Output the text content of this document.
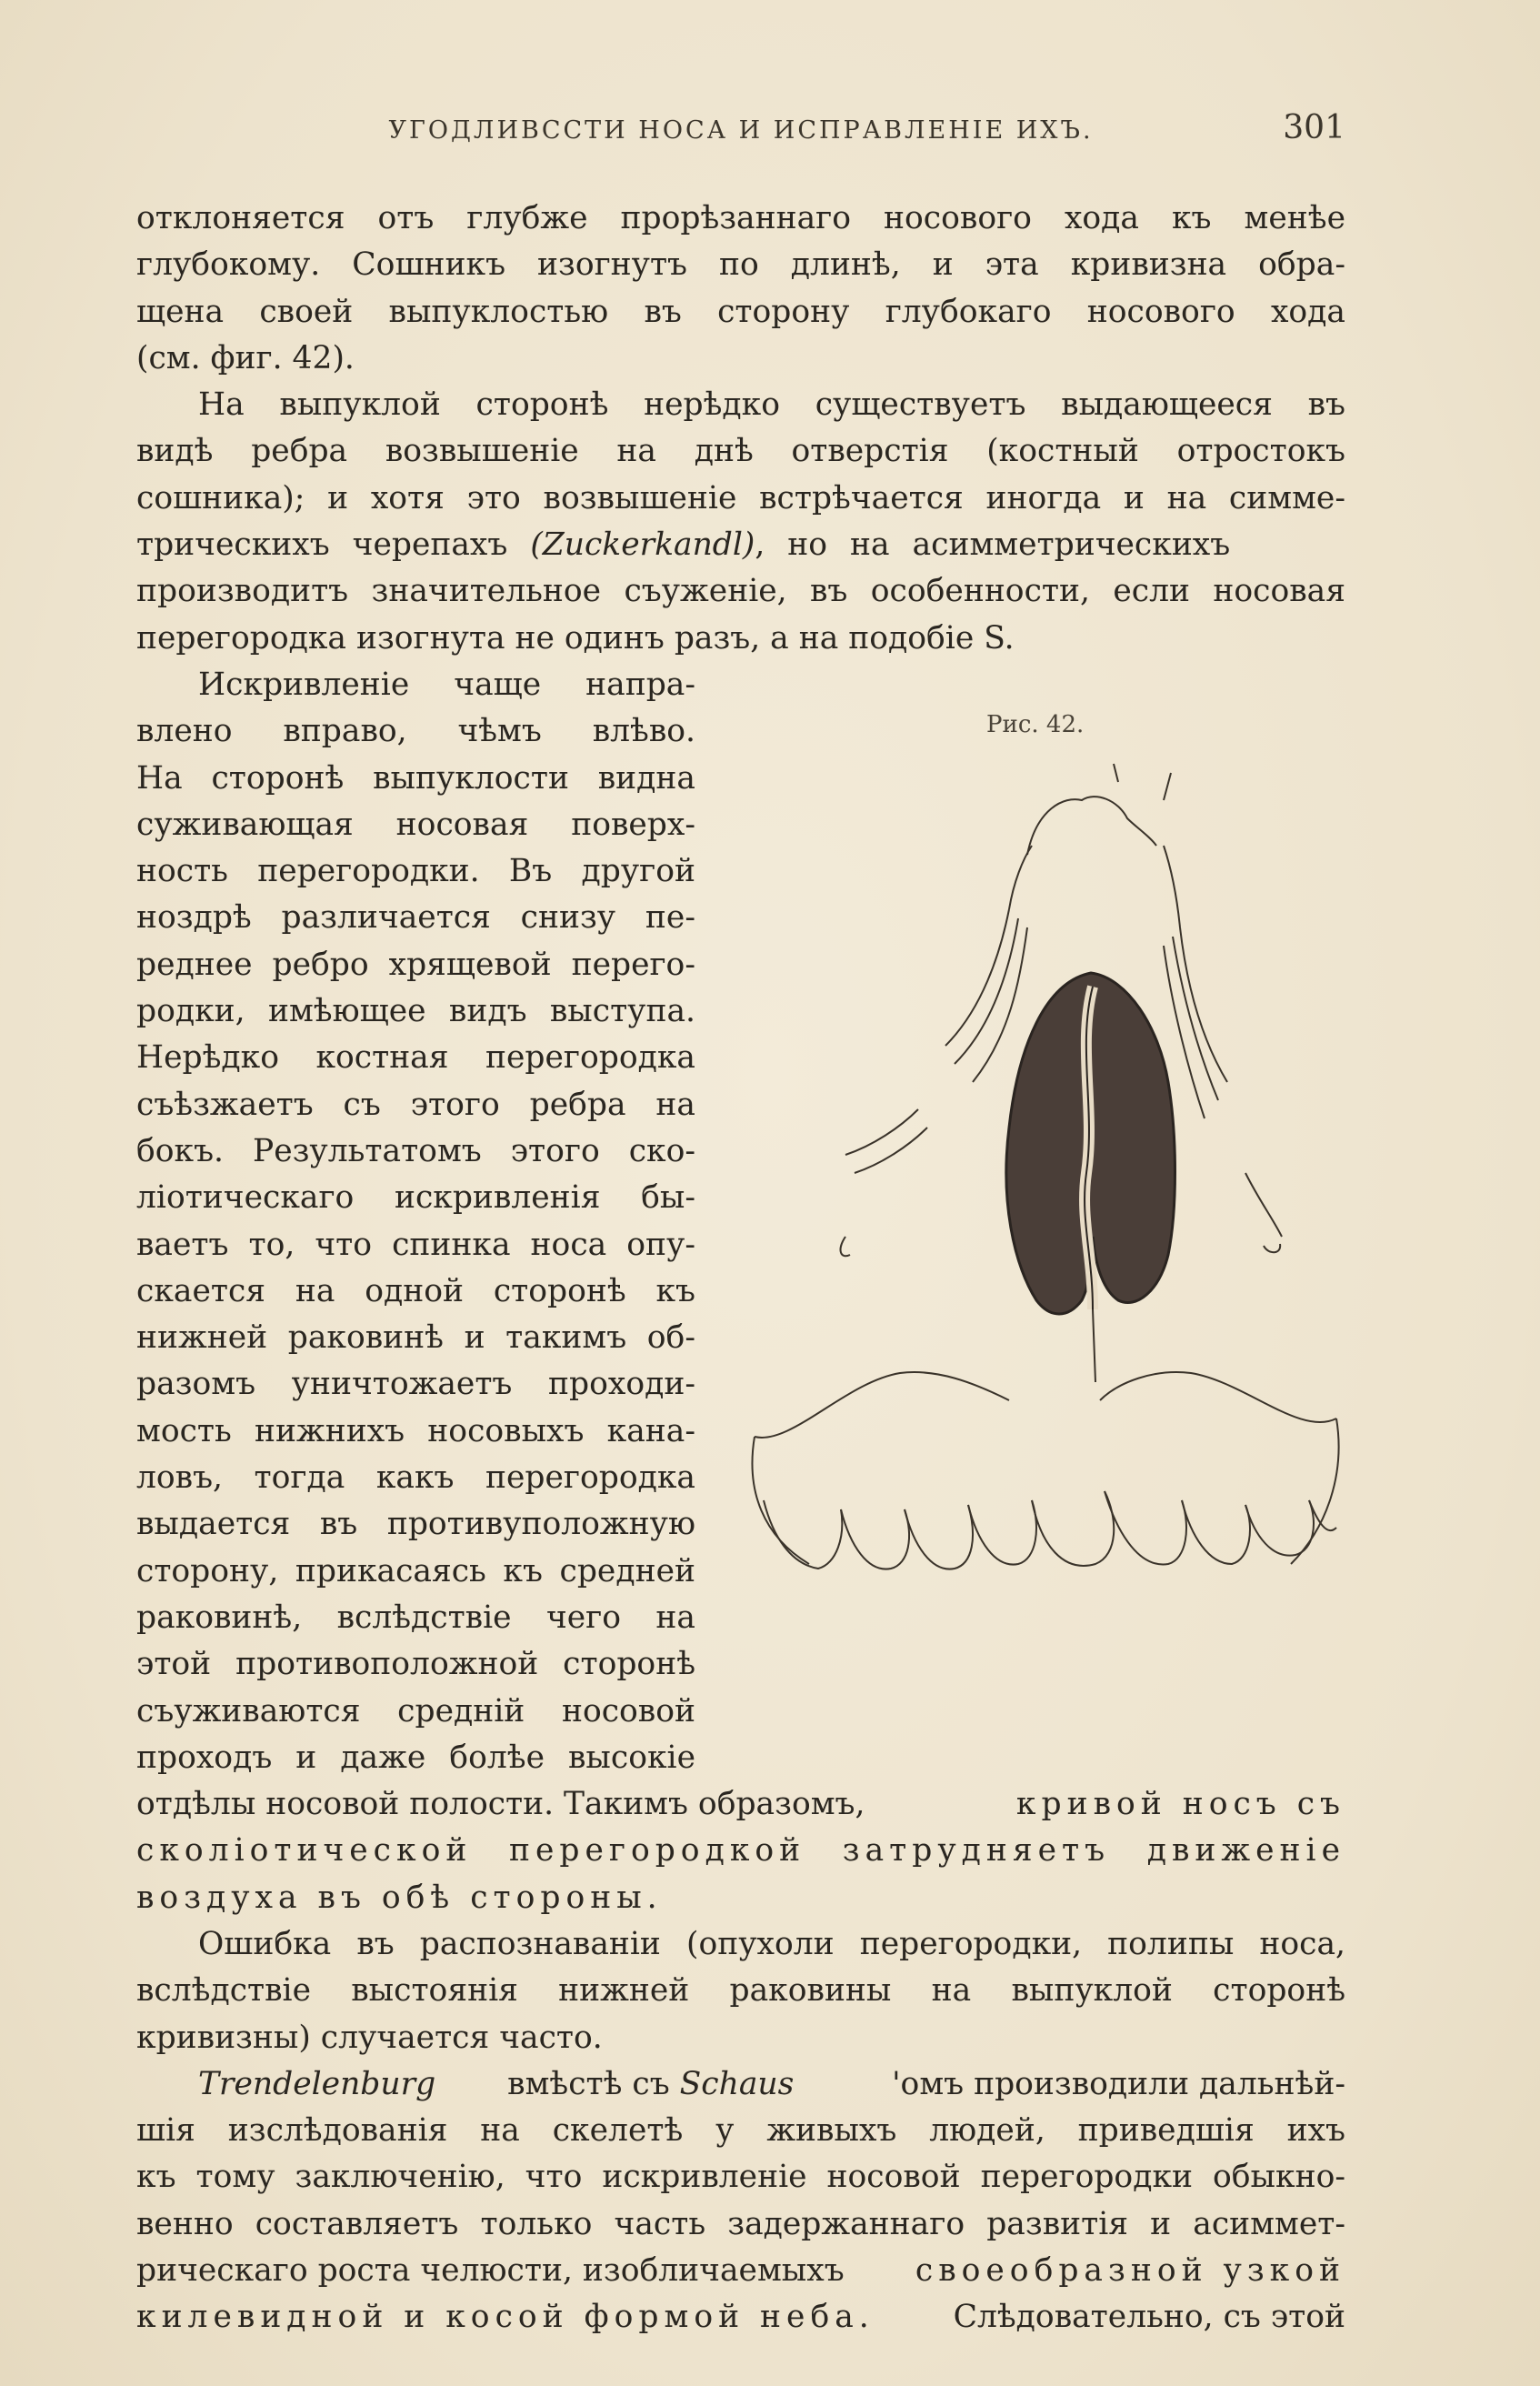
УГОДЛИВССТИ НОСА И ИСПРАВЛЕНІЕ ИХЪ.	301
отклоняется отъ глубже прорѣзаннаго носового хода къ менѣе
глубокому. Сошникъ изогнутъ по длинѣ, и эта кривизна обра-
щена своей выпуклостью въ сторону глубокаго носового хода
(см. фиг. 42).
На выпуклой сторонѣ нерѣдко существуетъ выдающееся въ
видѣ ребра возвышеніе на днѣ отверстія (костный отростокъ
сошника); и хотя это возвышеніе встрѣчается иногда и на симме-
трическихъ черепахъ (Zuckerkandl), но на асимметрическихъ
производитъ значительное съуженіе, въ особенности, если носовая
перегородка изогнута не одинъ разъ, а на подобіе S.
Искривленіе чаще напра-
влено вправо, чѣмъ влѣво.
На сторонѣ выпуклости видна
суживающая носовая поверх-
ность перегородки. Въ другой
ноздрѣ различается снизу пе-
реднее ребро хрящевой перего-
родки, имѣющее видъ выступа.
Нерѣдко костная перегородка
съѣзжаетъ съ этого ребра на
бокъ. Результатомъ этого ско-
ліотическаго искривленія бы-
ваетъ то, что спинка носа опу-
скается на одной сторонѣ къ
нижней раковинѣ и такимъ об-
разомъ уничтожаетъ проходи-
мость нижнихъ носовыхъ кана-
ловъ, тогда какъ перегородка
выдается въ противуположную
сторону, прикасаясь къ средней
раковинѣ, вслѣдствіе чего на
этой противоположной сторонѣ
съуживаются средній носовой
проходъ и даже болѣе высокіе
отдѣлы носовой полости. Такимъ образомъ,	кривой носъ съ
сколіотической перегородкой затрудняетъ движеніе
воздуха въ обѣ стороны.
Ошибка въ распознаваніи (опухоли перегородки, полипы носа,
вслѣдствіе выстоянія нижней раковины на выпуклой сторонѣ
кривизны) случается часто.
Trendelenburg	вмѣстѣ съ Schaus	'омъ производили дальнѣй-
шія изслѣдованія на скелетѣ у живыхъ людей, приведшія ихъ
къ тому заключенію, что искривленіе носовой перегородки обыкно-
венно составляетъ только часть задержаннаго развитія и асиммет-
рическаго роста челюсти, изобличаемыхъ своеобразной узкой
килевидной и косой формой неба.	Слѣдовательно, съ этой
Рис. 42.
